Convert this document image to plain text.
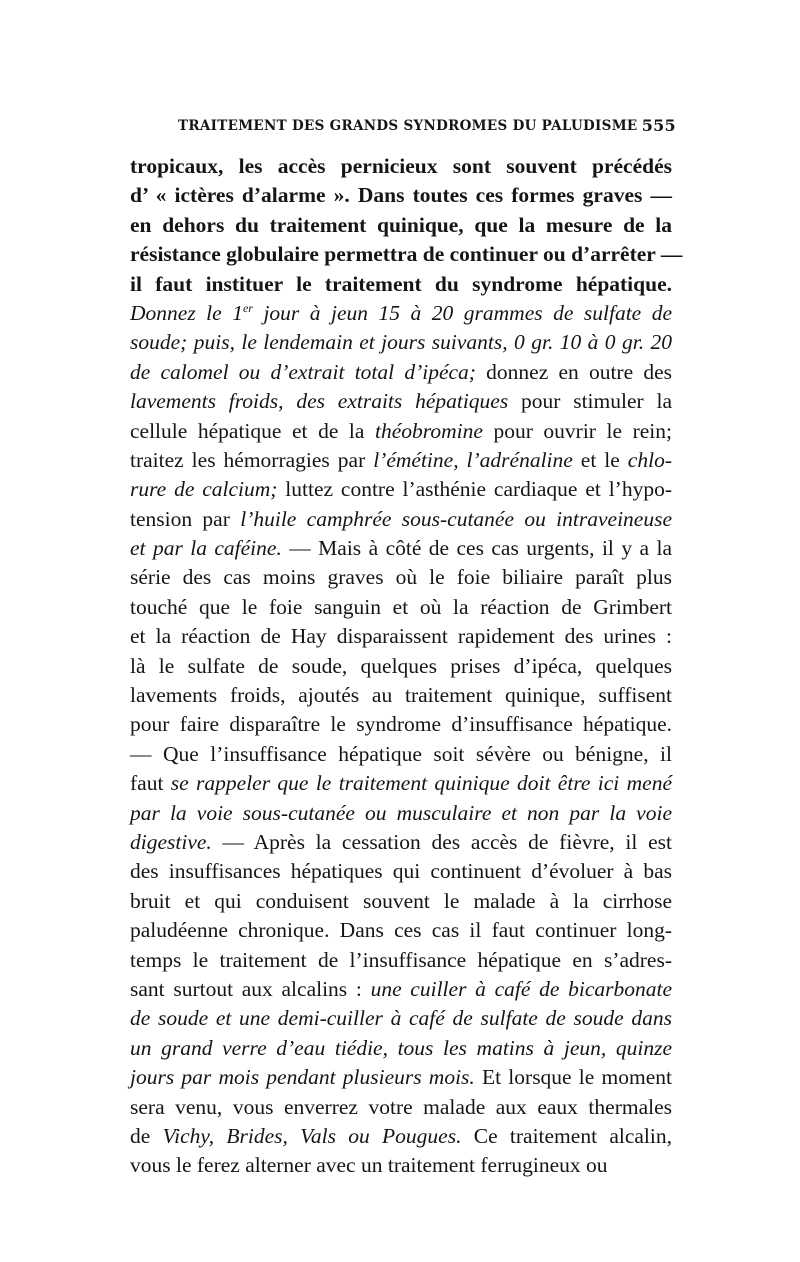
TRAITEMENT DES GRANDS SYNDROMES DU PALUDISME 555
tropicaux, les accès pernicieux sont souvent précédés
d’ « ictères d’alarme ». Dans toutes ces formes graves —
en dehors du traitement quinique, que la mesure de la
résistance globulaire permettra de continuer ou d’arrêter —
il faut instituer le traitement du syndrome hépatique.
Donnez le 1er jour à jeun 15 à 20 grammes de sulfate de
soude; puis, le lendemain et jours suivants, 0 gr. 10 à 0 gr. 20
de calomel ou d’extrait total d’ipéca; donnez en outre des
lavements froids, des extraits hépatiques pour stimuler la
cellule hépatique et de la théobromine pour ouvrir le rein;
traitez les hémorragies par l’émétine, l’adrénaline et le chlo-
rure de calcium; luttez contre l’asthénie cardiaque et l’hypo-
tension par l’huile camphrée sous-cutanée ou intraveineuse
et par la caféine. — Mais à côté de ces cas urgents, il y a la
série des cas moins graves où le foie biliaire paraît plus
touché que le foie sanguin et où la réaction de Grimbert
et la réaction de Hay disparaissent rapidement des urines :
là le sulfate de soude, quelques prises d’ipéca, quelques
lavements froids, ajoutés au traitement quinique, suffisent
pour faire disparaître le syndrome d’insuffisance hépatique.
— Que l’insuffisance hépatique soit sévère ou bénigne, il
faut se rappeler que le traitement quinique doit être ici mené
par la voie sous-cutanée ou musculaire et non par la voie
digestive. — Après la cessation des accès de fièvre, il est
des insuffisances hépatiques qui continuent d’évoluer à bas
bruit et qui conduisent souvent le malade à la cirrhose
paludéenne chronique. Dans ces cas il faut continuer long-
temps le traitement de l’insuffisance hépatique en s’adres-
sant surtout aux alcalins : une cuiller à café de bicarbonate
de soude et une demi-cuiller à café de sulfate de soude dans
un grand verre d’eau tiédie, tous les matins à jeun, quinze
jours par mois pendant plusieurs mois. Et lorsque le moment
sera venu, vous enverrez votre malade aux eaux thermales
de Vichy, Brides, Vals ou Pougues. Ce traitement alcalin,
vous le ferez alterner avec un traitement ferrugineux ou
